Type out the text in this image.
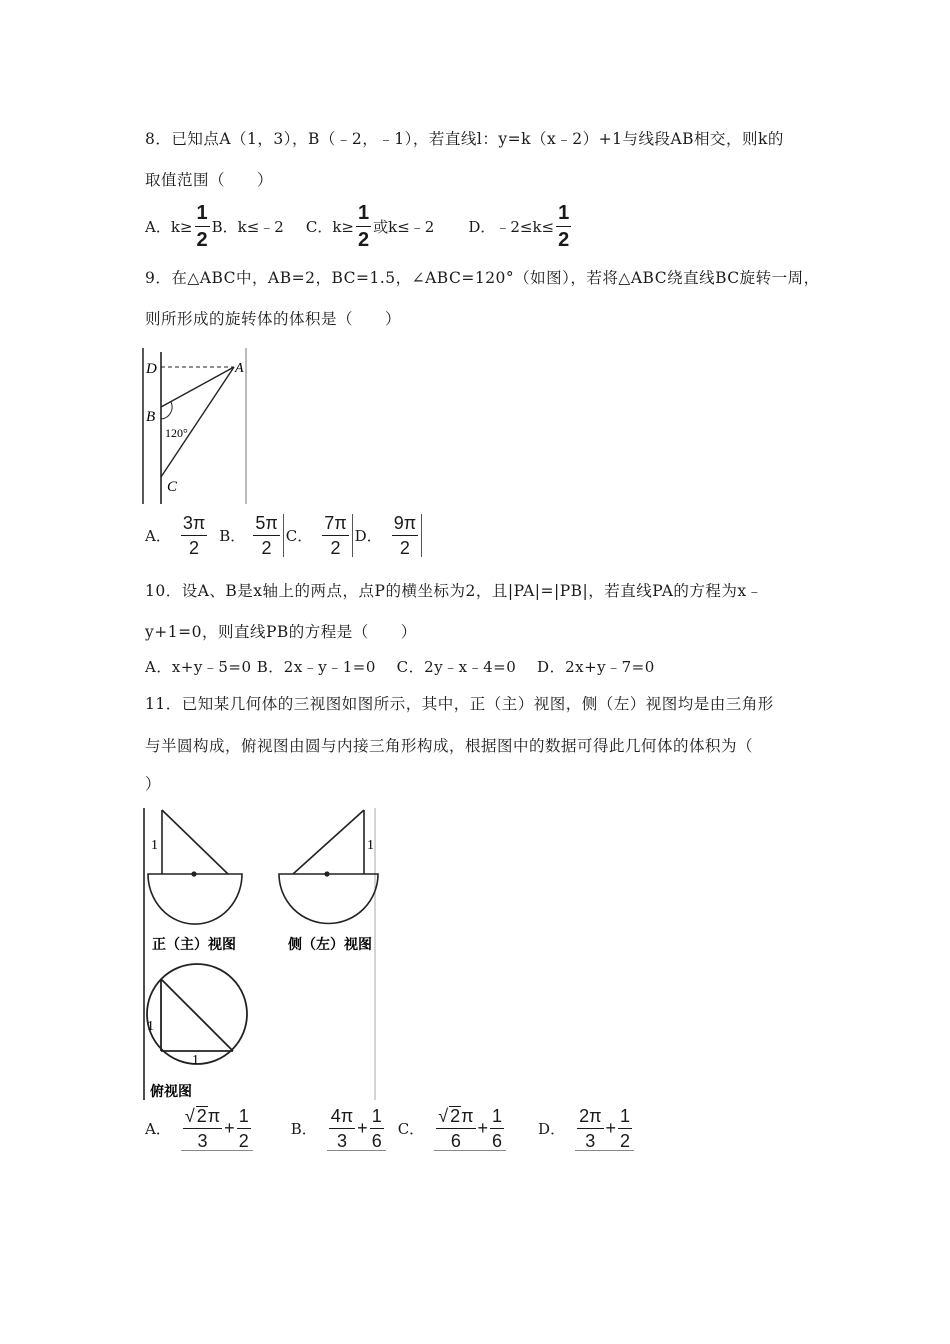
8．已知点A（1，3），B（﹣2，﹣1），若直线l：y=k（x﹣2）+1与线段AB相交，则k的
取值范围（　　）
A．$k\ge \frac{1}{2}$ B．k≤﹣2 C．$k\ge \frac{1}{2}$ 或k≤﹣2 D．﹣2≤k≤ $\frac{1}{2}$
9．在△ABC中，AB=2，BC=1.5，∠ABC=120°（如图），若将△ABC绕直线BC旋转一周，
则所形成的旋转体的体积是（　　）
D	A
B
120°
C
A． $\frac{3\pi}{2}$ B． $\frac{5\pi}{2}$ C． $\frac{7\pi}{2}$ D． $\frac{9\pi}{2}$
10．设A、B是x轴上的两点，点P的横坐标为2，且|PA|=|PB|，若直线PA的方程为x﹣
y+1=0，则直线PB的方程是（　　）
A．x+y﹣5=0 B．2x﹣y﹣1=0　 C．2y﹣x﹣4=0　 D．2x+y﹣7=0
11．已知某几何体的三视图如图所示，其中，正（主）视图，侧（左）视图均是由三角形
与半圆构成，俯视图由圆与内接三角形构成，根据图中的数据可得此几何体的体积为（
）
1	1
正（主）视图	侧（左）视图
1
1
俯视图
A． $\frac{√ 2\pi}{3} + \frac{1}{2}$	B． $\frac{4\pi}{3} + \frac{1}{6}$ C． $\frac{√ 2\pi}{6} + \frac{1}{6}$ D． $\frac{2\pi}{3} + \frac{1}{2}$
